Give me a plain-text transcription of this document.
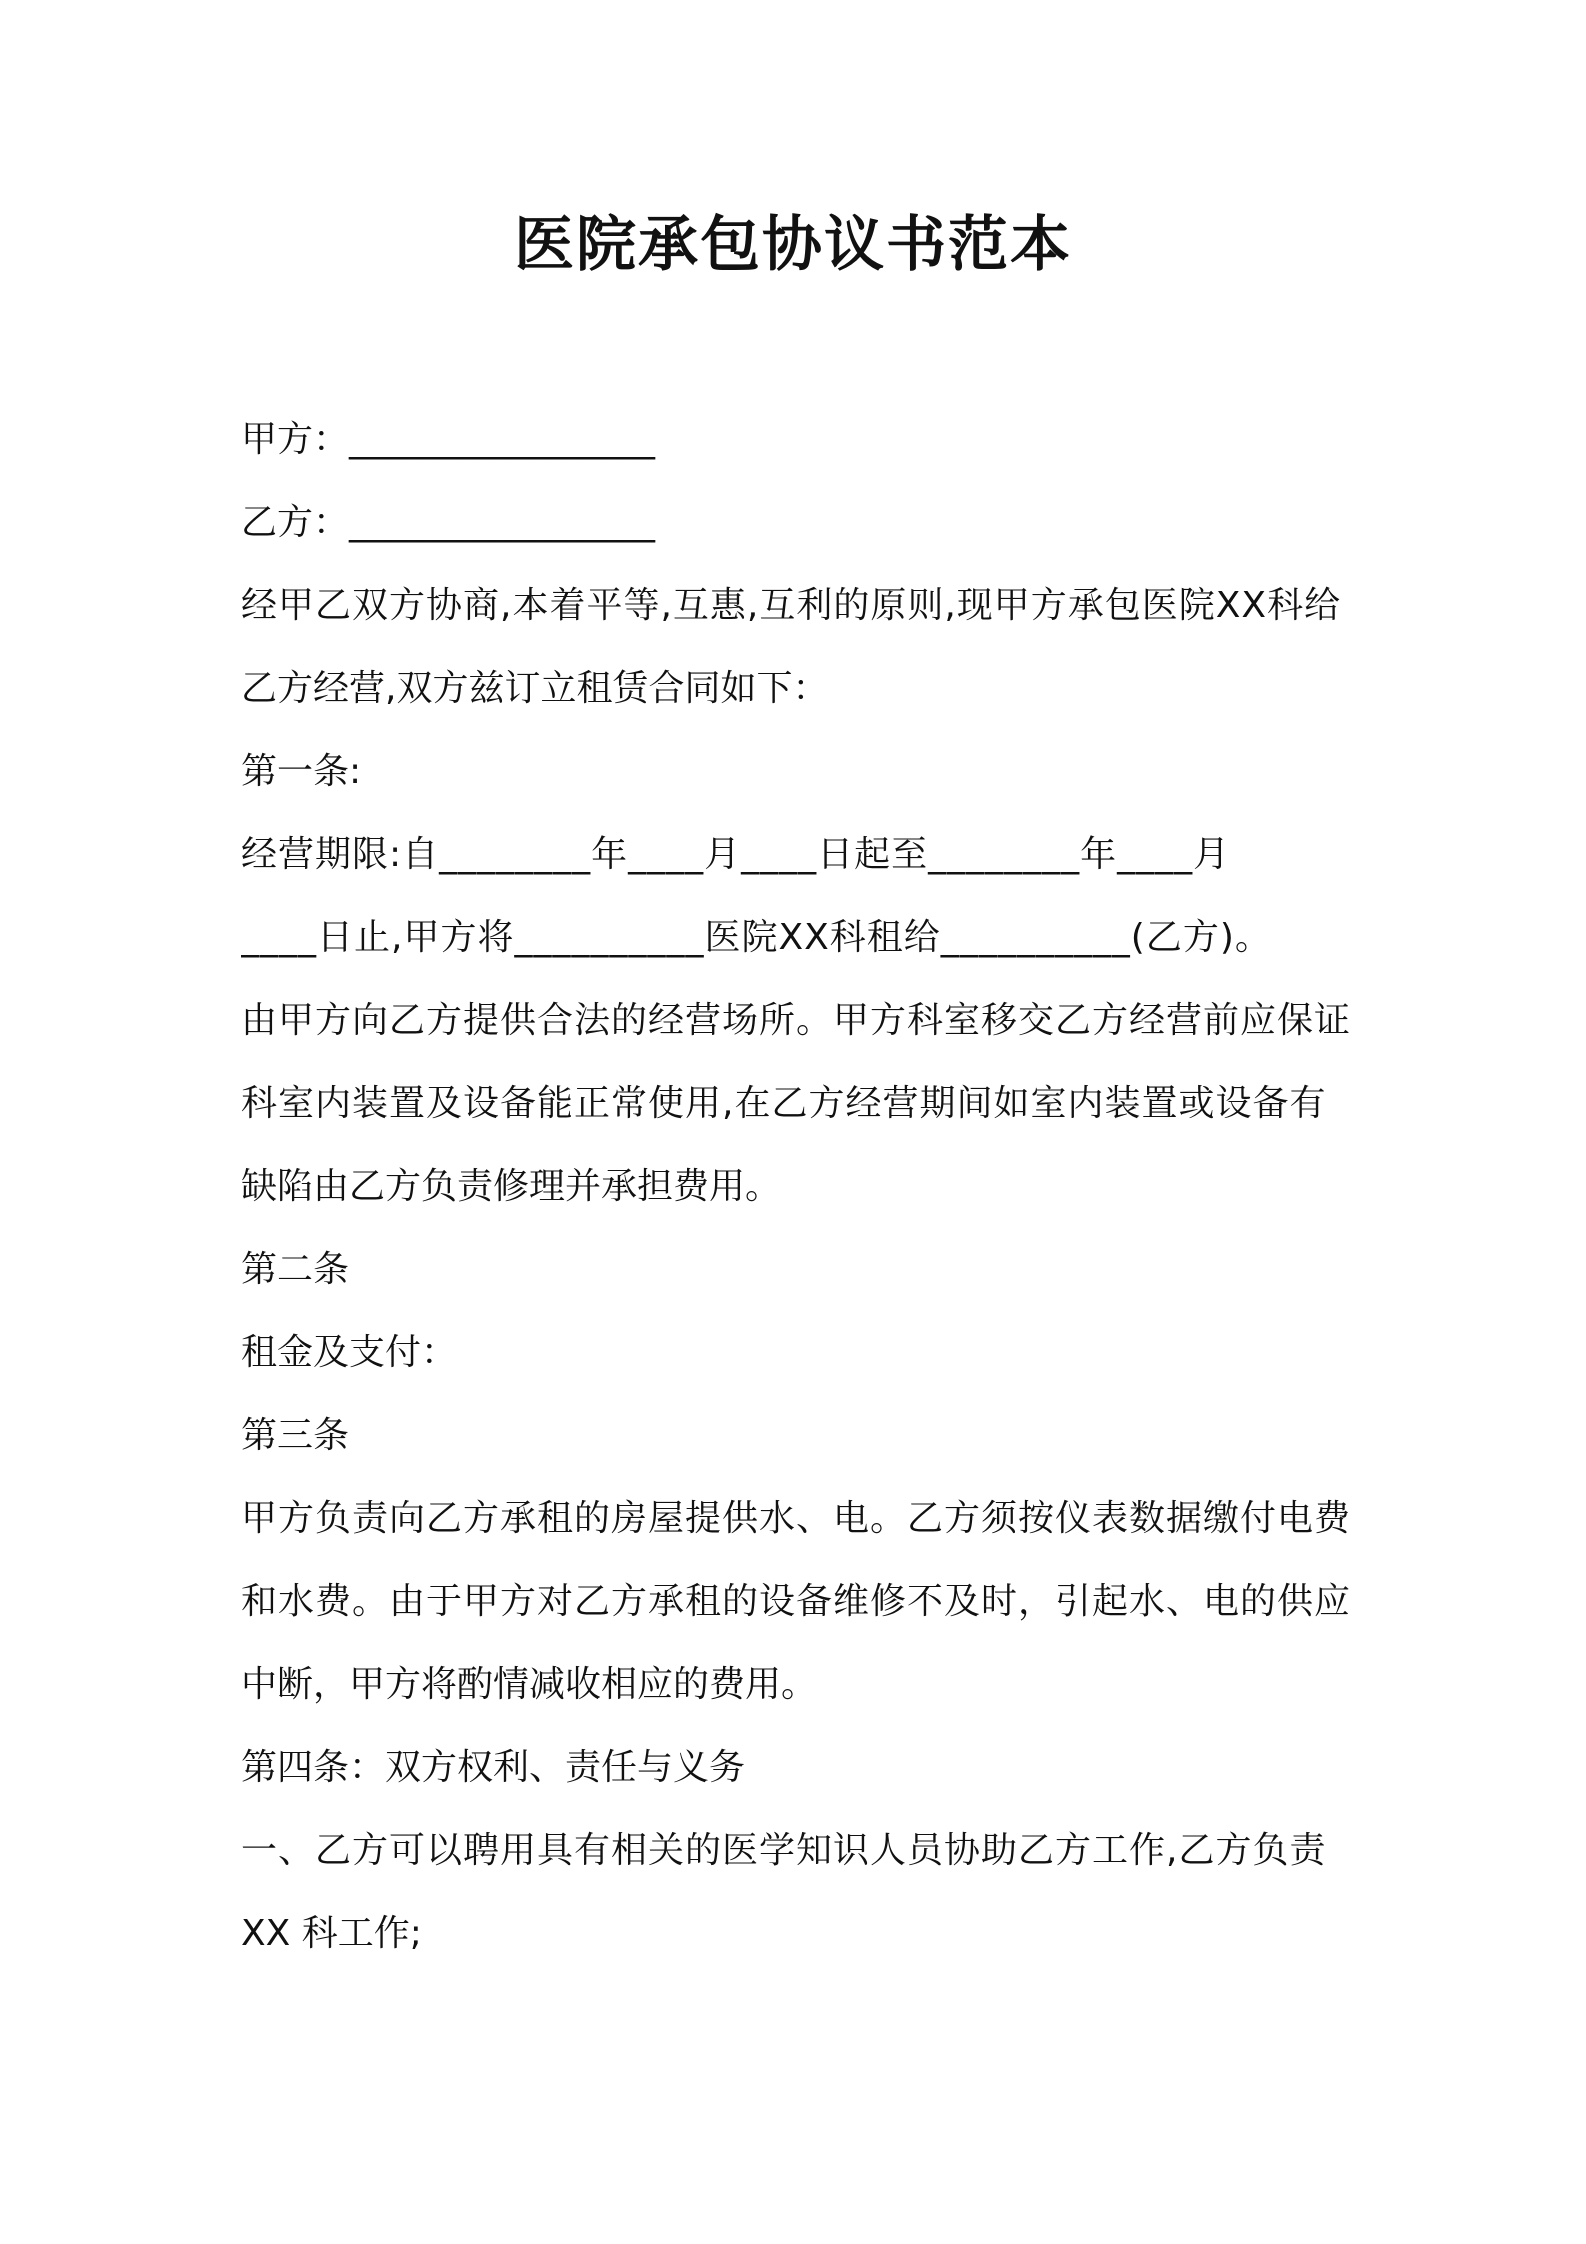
医院承包协议书范本
甲方：_________________
乙方：_________________
经甲乙双方协商,本着平等,互惠,互利的原则,现甲方承包医院XX科给
乙方经营,双方兹订立租赁合同如下：
第一条:
经营期限:自________年____月____日起至________年____月
____日止,甲方将__________医院XX科租给__________(乙方)。
由甲方向乙方提供合法的经营场所。甲方科室移交乙方经营前应保证
科室内装置及设备能正常使用,在乙方经营期间如室内装置或设备有
缺陷由乙方负责修理并承担费用。
第二条
租金及支付：
第三条
甲方负责向乙方承租的房屋提供水、电。乙方须按仪表数据缴付电费
和水费。由于甲方对乙方承租的设备维修不及时，引起水、电的供应
中断，甲方将酌情减收相应的费用。
第四条：双方权利、责任与义务
一、乙方可以聘用具有相关的医学知识人员协助乙方工作,乙方负责
XX 科工作;
